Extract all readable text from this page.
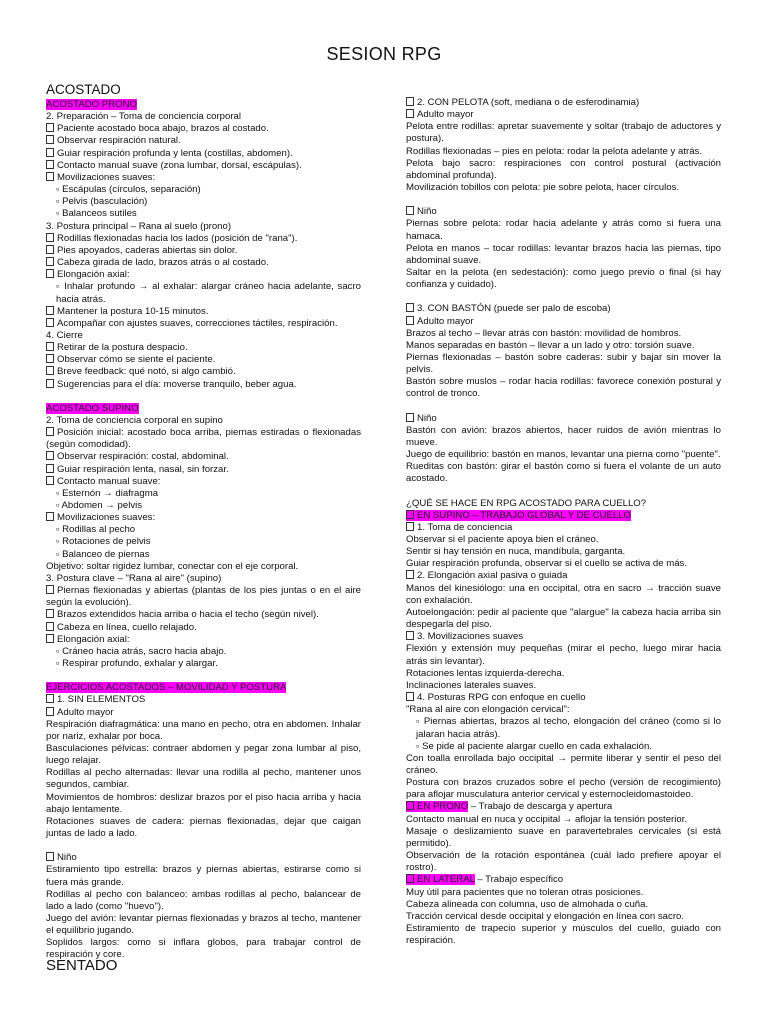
SESION RPG
ACOSTADO

ACOSTADO PRONO

2. Preparación – Toma de conciencia corporal

Paciente acostado boca abajo, brazos al costado.

Observar respiración natural.

Guiar respiración profunda y lenta (costillas, abdomen).

Contacto manual suave (zona lumbar, dorsal, escápulas).

Movilizaciones suaves:

▫ Escápulas (círculos, separación)

▫ Pelvis (basculación)

▫ Balanceos sutiles

3. Postura principal – Rana al suelo (prono)

Rodillas flexionadas hacia los lados (posición de "rana").

Pies apoyados, caderas abiertas sin dolor.

Cabeza girada de lado, brazos atrás o al costado.

Elongación axial:

▫ Inhalar profundo → al exhalar: alargar cráneo hacia adelante, sacro hacia atrás.

Mantener la postura 10-15 minutos.

Acompañar con ajustes suaves, correcciones táctiles, respiración.

4. Cierre

Retirar de la postura despacio.

Observar cómo se siente el paciente.

Breve feedback: qué notó, si algo cambió.

Sugerencias para el día: moverse tranquilo, beber agua.

ACOSTADO SUPINO

2. Toma de conciencia corporal en supino

Posición inicial: acostado boca arriba, piernas estiradas o flexionadas (según comodidad).

Observar respiración: costal, abdominal.

Guiar respiración lenta, nasal, sin forzar.

Contacto manual suave:

▫ Esternón → diafragma

▫ Abdomen → pelvis

Movilizaciones suaves:

▫ Rodillas al pecho

▫ Rotaciones de pelvis

▫ Balanceo de piernas

Objetivo: soltar rigidez lumbar, conectar con el eje corporal.

3. Postura clave – "Rana al aire" (supino)

Piernas flexionadas y abiertas (plantas de los pies juntas o en el aire según la evolución).

Brazos extendidos hacia arriba o hacia el techo (según nivel).

Cabeza en línea, cuello relajado.

Elongación axial:

▫ Cráneo hacia atrás, sacro hacia abajo.

▫ Respirar profundo, exhalar y alargar.

EJERCICIOS ACOSTADOS – MOVILIDAD Y POSTURA

1. SIN ELEMENTOS

Adulto mayor

Respiración diafragmática: una mano en pecho, otra en abdomen. Inhalar por nariz, exhalar por boca.

Basculaciones pélvicas: contraer abdomen y pegar zona lumbar al piso, luego relajar.

Rodillas al pecho alternadas: llevar una rodilla al pecho, mantener unos segundos, cambiar.

Movimientos de hombros: deslizar brazos por el piso hacia arriba y hacia abajo lentamente.

Rotaciones suaves de cadera: piernas flexionadas, dejar que caigan juntas de lado a lado.

Niño

Estiramiento tipo estrella: brazos y piernas abiertas, estirarse como si fuera más grande.

Rodillas al pecho con balanceo: ambas rodillas al pecho, balancear de lado a lado (como "huevo").

Juego del avión: levantar piernas flexionadas y brazos al techo, mantener el equilibrio jugando.

Soplidos largos: como si inflara globos, para trabajar control de respiración y core.

SENTADO

2. CON PELOTA (soft, mediana o de esferodinamia)

Adulto mayor

Pelota entre rodillas: apretar suavemente y soltar (trabajo de aductores y postura).

Rodillas flexionadas – pies en pelota: rodar la pelota adelante y atrás.

Pelota bajo sacro: respiraciones con control postural (activación abdominal profunda).

Movilización tobillos con pelota: pie sobre pelota, hacer círculos.

Niño

Piernas sobre pelota: rodar hacia adelante y atrás como si fuera una hamaca.

Pelota en manos – tocar rodillas: levantar brazos hacia las piernas, tipo abdominal suave.

Saltar en la pelota (en sedestación): como juego previo o final (si hay confianza y cuidado).

3. CON BASTÓN (puede ser palo de escoba)

Adulto mayor

Brazos al techo – llevar atrás con bastón: movilidad de hombros.

Manos separadas en bastón – llevar a un lado y otro: torsión suave.

Piernas flexionadas – bastón sobre caderas: subir y bajar sin mover la pelvis.

Bastón sobre muslos – rodar hacia rodillas: favorece conexión postural y control de tronco.

Niño

Bastón con avión: brazos abiertos, hacer ruidos de avión mientras lo mueve.

Juego de equilibrio: bastón en manos, levantar una pierna como "puente".

Rueditas con bastón: girar el bastón como si fuera el volante de un auto acostado.

¿QUÉ SE HACE EN RPG ACOSTADO PARA CUELLO?

EN SUPINO – TRABAJO GLOBAL Y DE CUELLO

1. Toma de conciencia

Observar si el paciente apoya bien el cráneo.

Sentir si hay tensión en nuca, mandíbula, garganta.

Guiar respiración profunda, observar si el cuello se activa de más.

2. Elongación axial pasiva o guiada

Manos del kinesiólogo: una en occipital, otra en sacro → tracción suave con exhalación.

Autoelongación: pedir al paciente que "alargue" la cabeza hacia arriba sin despegarla del piso.

3. Movilizaciones suaves

Flexión y extensión muy pequeñas (mirar el pecho, luego mirar hacia atrás sin levantar).

Rotaciones lentas izquierda-derecha.

Inclinaciones laterales suaves.

4. Posturas RPG con enfoque en cuello

"Rana al aire con elongación cervical":

▫ Piernas abiertas, brazos al techo, elongación del cráneo (como si lo jalaran hacia atrás).

▫ Se pide al paciente alargar cuello en cada exhalación.

Con toalla enrollada bajo occipital → permite liberar y sentir el peso del cráneo.

Postura con brazos cruzados sobre el pecho (versión de recogimiento) para aflojar musculatura anterior cervical y esternocleidomastoideo.

EN PRONO – Trabajo de descarga y apertura

Contacto manual en nuca y occipital → aflojar la tensión posterior.

Masaje o deslizamiento suave en paravertebrales cervicales (si está permitido).

Observación de la rotación espontánea (cuál lado prefiere apoyar el rostro).

EN LATERAL – Trabajo específico

Muy útil para pacientes que no toleran otras posiciones.

Cabeza alineada con columna, uso de almohada o cuña.

Tracción cervical desde occipital y elongación en línea con sacro.

Estiramiento de trapecio superior y músculos del cuello, guiado con respiración.
